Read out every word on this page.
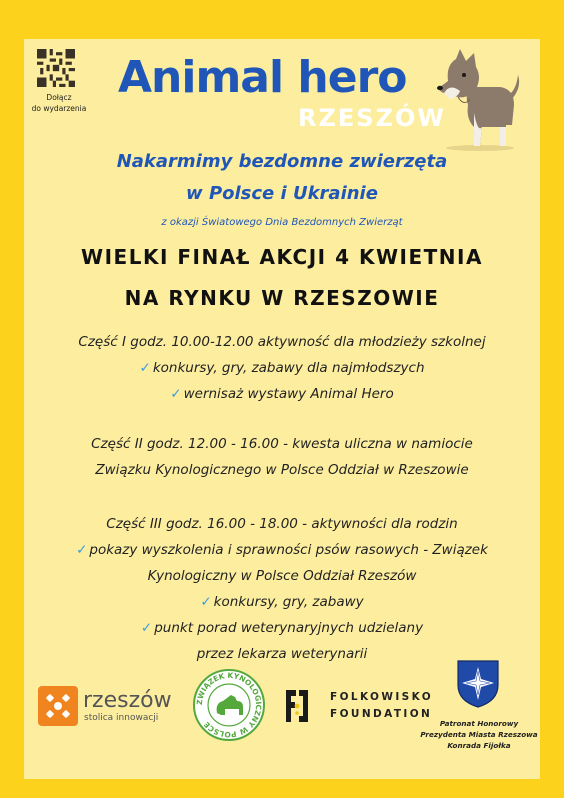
Dołącz
do wydarzenia
Animal hero
RZESZÓW
Nakarmimy bezdomne zwierzęta
w Polsce i Ukrainie
z okazji Światowego Dnia Bezdomnych Zwierząt
WIELKI FINAŁ AKCJI 4 KWIETNIA
NA RYNKU W RZESZOWIE
Część I godz. 10.00-12.00 aktywność dla młodzieży szkolnej
✓ konkursy, gry, zabawy dla najmłodszych
✓ wernisaż wystawy Animal Hero
Część II godz. 12.00 - 16.00 - kwesta uliczna w namiocie
Związku Kynologicznego w Polsce Oddział w Rzeszowie
Część III godz. 16.00 - 18.00 - aktywności dla rodzin
✓ pokazy wyszkolenia i sprawności psów rasowych - Związek
Kynologiczny w Polsce Oddział Rzeszów
✓ konkursy, gry, zabawy
✓ punkt porad weterynaryjnych udzielany
przez lekarza weterynarii
rzeszów
stolica innowacji
ZWIĄZEK KYNOLOGICZNY W POLSCE
FOLKOWISKO
FOUNDATION
Patronat Honorowy
Prezydenta Miasta Rzeszowa
Konrada Fijołka
